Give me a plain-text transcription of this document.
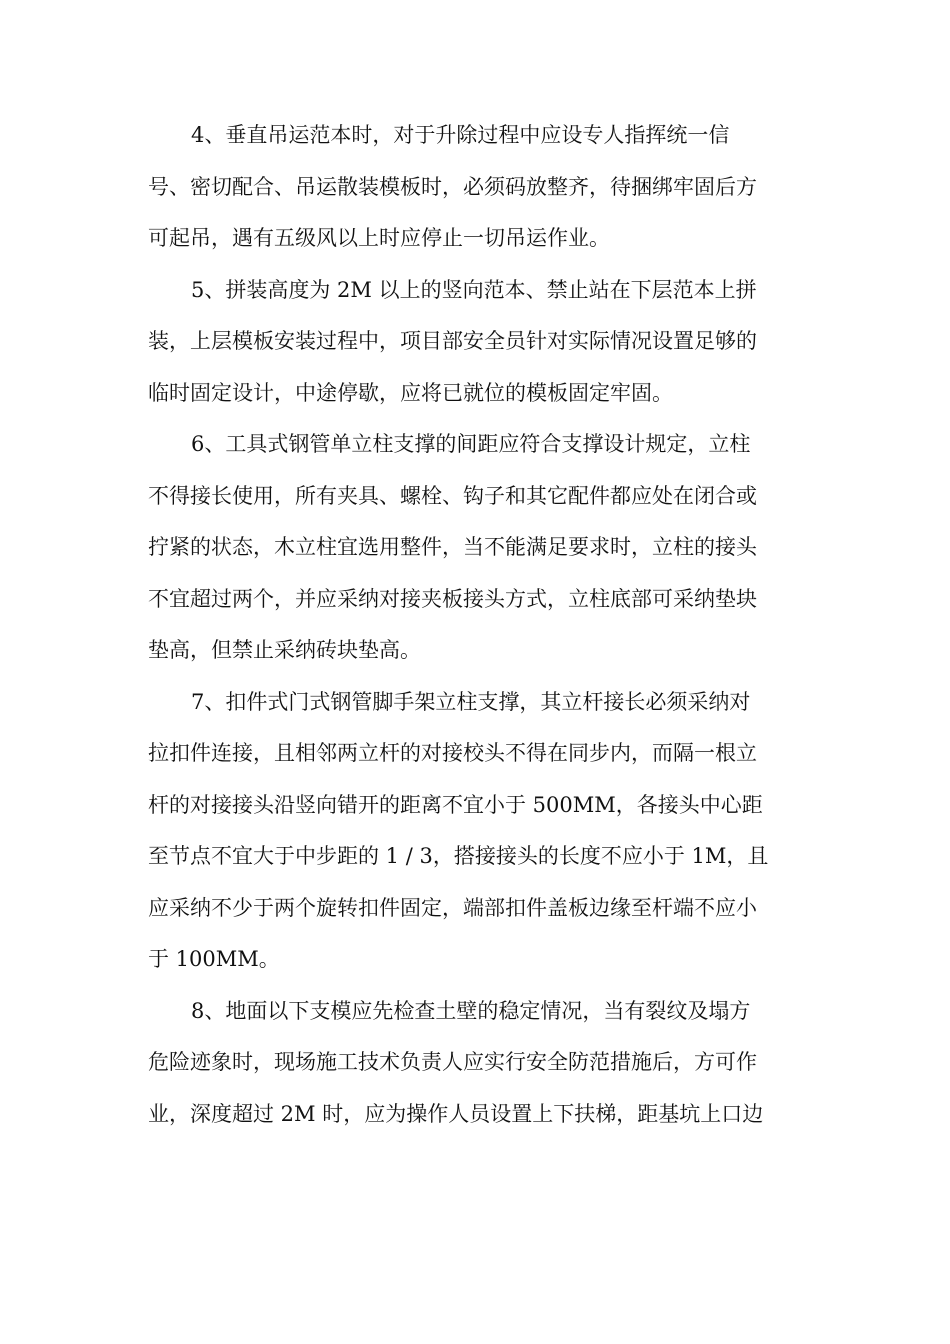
4、垂直吊运范本时，对于升除过程中应设专人指挥统一信
号、密切配合、吊运散装模板时，必须码放整齐，待捆绑牢固后方
可起吊，遇有五级风以上时应停止一切吊运作业。
5、拼装高度为 2M 以上的竖向范本、禁止站在下层范本上拼
装，上层模板安装过程中，项目部安全员针对实际情况设置足够的
临时固定设计，中途停歇，应将已就位的模板固定牢固。
6、工具式钢管单立柱支撑的间距应符合支撑设计规定，立柱
不得接长使用，所有夹具、螺栓、钩子和其它配件都应处在闭合或
拧紧的状态，木立柱宜选用整件，当不能满足要求时，立柱的接头
不宜超过两个，并应采纳对接夹板接头方式，立柱底部可采纳垫块
垫高，但禁止采纳砖块垫高。
7、扣件式门式钢管脚手架立柱支撑，其立杆接长必须采纳对
拉扣件连接，且相邻两立杆的对接校头不得在同步内，而隔一根立
杆的对接接头沿竖向错开的距离不宜小于 500MM，各接头中心距
至节点不宜大于中步距的 1 / 3，搭接接头的长度不应小于 1M，且
应采纳不少于两个旋转扣件固定，端部扣件盖板边缘至杆端不应小
于 100MM。
8、地面以下支模应先检查土壁的稳定情况，当有裂纹及塌方
危险迹象时，现场施工技术负责人应实行安全防范措施后，方可作
业，深度超过 2M 时，应为操作人员设置上下扶梯，距基坑上口边
